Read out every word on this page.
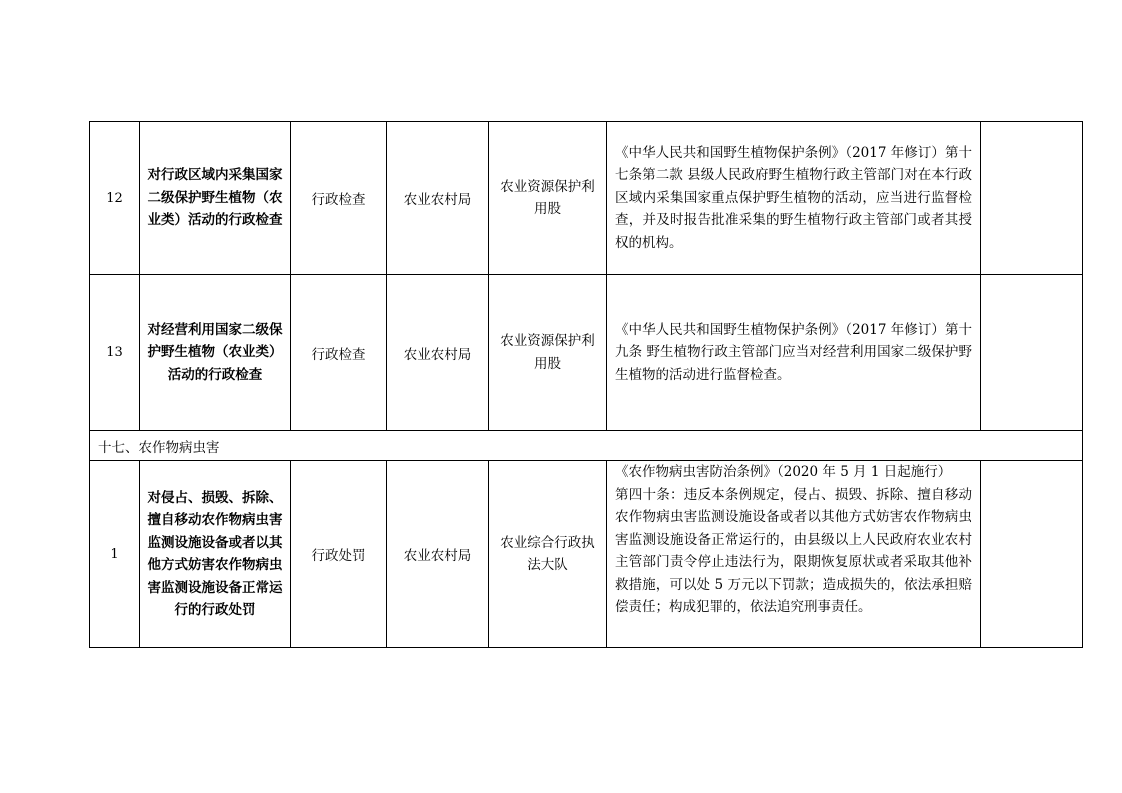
12	对行政区域内采集国家二级保护野生植物（农业类）活动的行政检查	行政检查	农业农村局	农业资源保护利用股	《中华人民共和国野生植物保护条例》（2017 年修订）第十七条第二款 县级人民政府野生植物行政主管部门对在本行政区域内采集国家重点保护野生植物的活动，应当进行监督检查，并及时报告批准采集的野生植物行政主管部门或者其授权的机构。	
13	对经营利用国家二级保护野生植物（农业类）活动的行政检查	行政检查	农业农村局	农业资源保护利用股	《中华人民共和国野生植物保护条例》（2017 年修订）第十九条 野生植物行政主管部门应当对经营利用国家二级保护野生植物的活动进行监督检查。	
十七、农作物病虫害						
1	对侵占、损毁、拆除、擅自移动农作物病虫害监测设施设备或者以其他方式妨害农作物病虫害监测设施设备正常运行的行政处罚	行政处罚	农业农村局	农业综合行政执法大队	《农作物病虫害防治条例》（2020 年 5 月 1 日起施行）
第四十条：违反本条例规定，侵占、损毁、拆除、擅自移动农作物病虫害监测设施设备或者以其他方式妨害农作物病虫害监测设施设备正常运行的，由县级以上人民政府农业农村主管部门责令停止违法行为，限期恢复原状或者采取其他补救措施，可以处 5 万元以下罚款；造成损失的，依法承担赔偿责任；构成犯罪的，依法追究刑事责任。	
